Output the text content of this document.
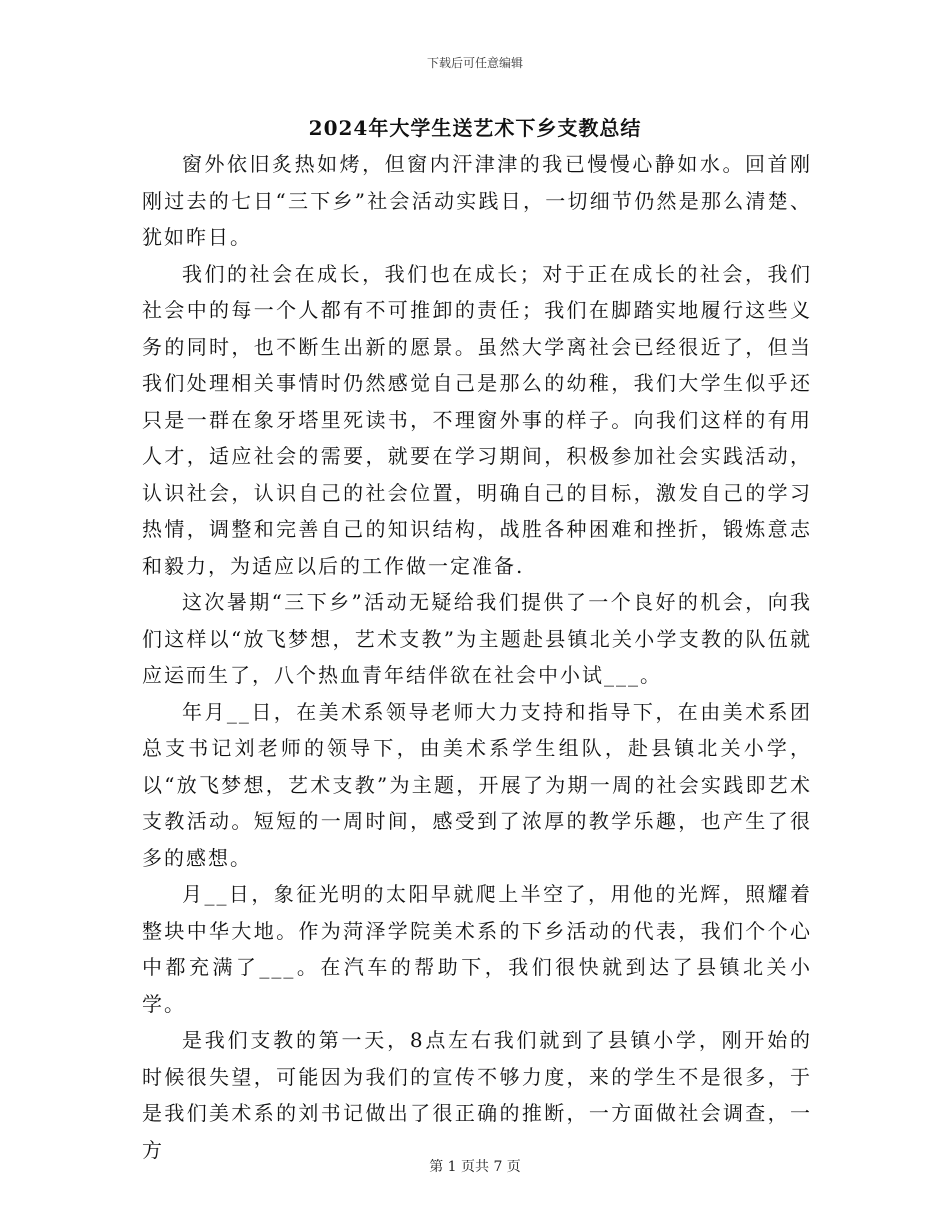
下载后可任意编辑
2024年大学生送艺术下乡支教总结

窗外依旧炙热如烤，但窗内汗津津的我已慢慢心静如水。回首刚刚过去的七日“三下乡”社会活动实践日，一切细节仍然是那么清楚、犹如昨日。

我们的社会在成长，我们也在成长；对于正在成长的社会，我们社会中的每一个人都有不可推卸的责任；我们在脚踏实地履行这些义务的同时，也不断生出新的愿景。虽然大学离社会已经很近了，但当我们处理相关事情时仍然感觉自己是那么的幼稚，我们大学生似乎还只是一群在象牙塔里死读书，不理窗外事的样子。向我们这样的有用人才，适应社会的需要，就要在学习期间，积极参加社会实践活动，认识社会，认识自己的社会位置，明确自己的目标，激发自己的学习热情，调整和完善自己的知识结构，战胜各种困难和挫折，锻炼意志和毅力，为适应以后的工作做一定准备.

这次暑期“三下乡”活动无疑给我们提供了一个良好的机会，向我们这样以“放飞梦想，艺术支教”为主题赴县镇北关小学支教的队伍就应运而生了，八个热血青年结伴欲在社会中小试___。

年月__日，在美术系领导老师大力支持和指导下，在由美术系团总支书记刘老师的领导下，由美术系学生组队，赴县镇北关小学，以“放飞梦想，艺术支教”为主题，开展了为期一周的社会实践即艺术支教活动。短短的一周时间，感受到了浓厚的教学乐趣，也产生了很多的感想。

月__日，象征光明的太阳早就爬上半空了，用他的光辉，照耀着整块中华大地。作为菏泽学院美术系的下乡活动的代表，我们个个心中都充满了___。在汽车的帮助下，我们很快就到达了县镇北关小学。

是我们支教的第一天，8点左右我们就到了县镇小学，刚开始的时候很失望，可能因为我们的宣传不够力度，来的学生不是很多，于是我们美术系的刘书记做出了很正确的推断，一方面做社会调查，一方

第 1 页共 7 页
